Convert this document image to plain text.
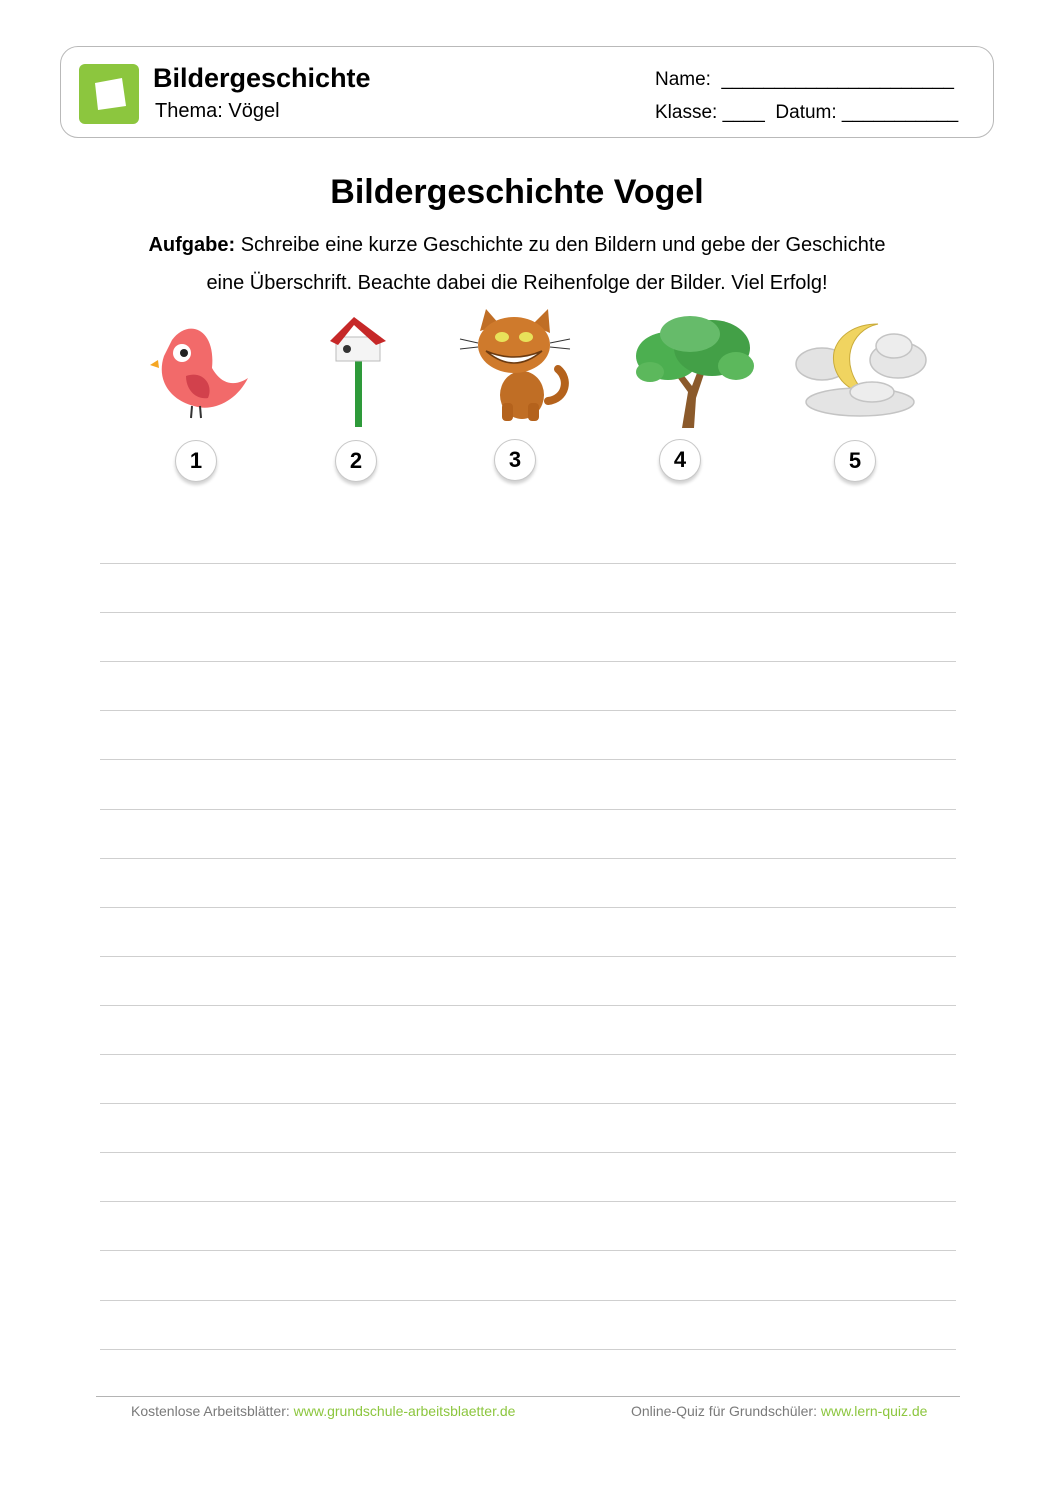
Bildergeschichte
Thema: Vögel
Name:  ______________________
Klasse: ____  Datum: ___________
Bildergeschichte Vogel
Aufgabe: Schreibe eine kurze Geschichte zu den Bildern und gebe der Geschichte
eine Überschrift. Beachte dabei die Reihenfolge der Bilder. Viel Erfolg!
1	2	3	4	5
Kostenlose Arbeitsblätter: www.grundschule-arbeitsblaetter.de	Online-Quiz für Grundschüler: www.lern-quiz.de
